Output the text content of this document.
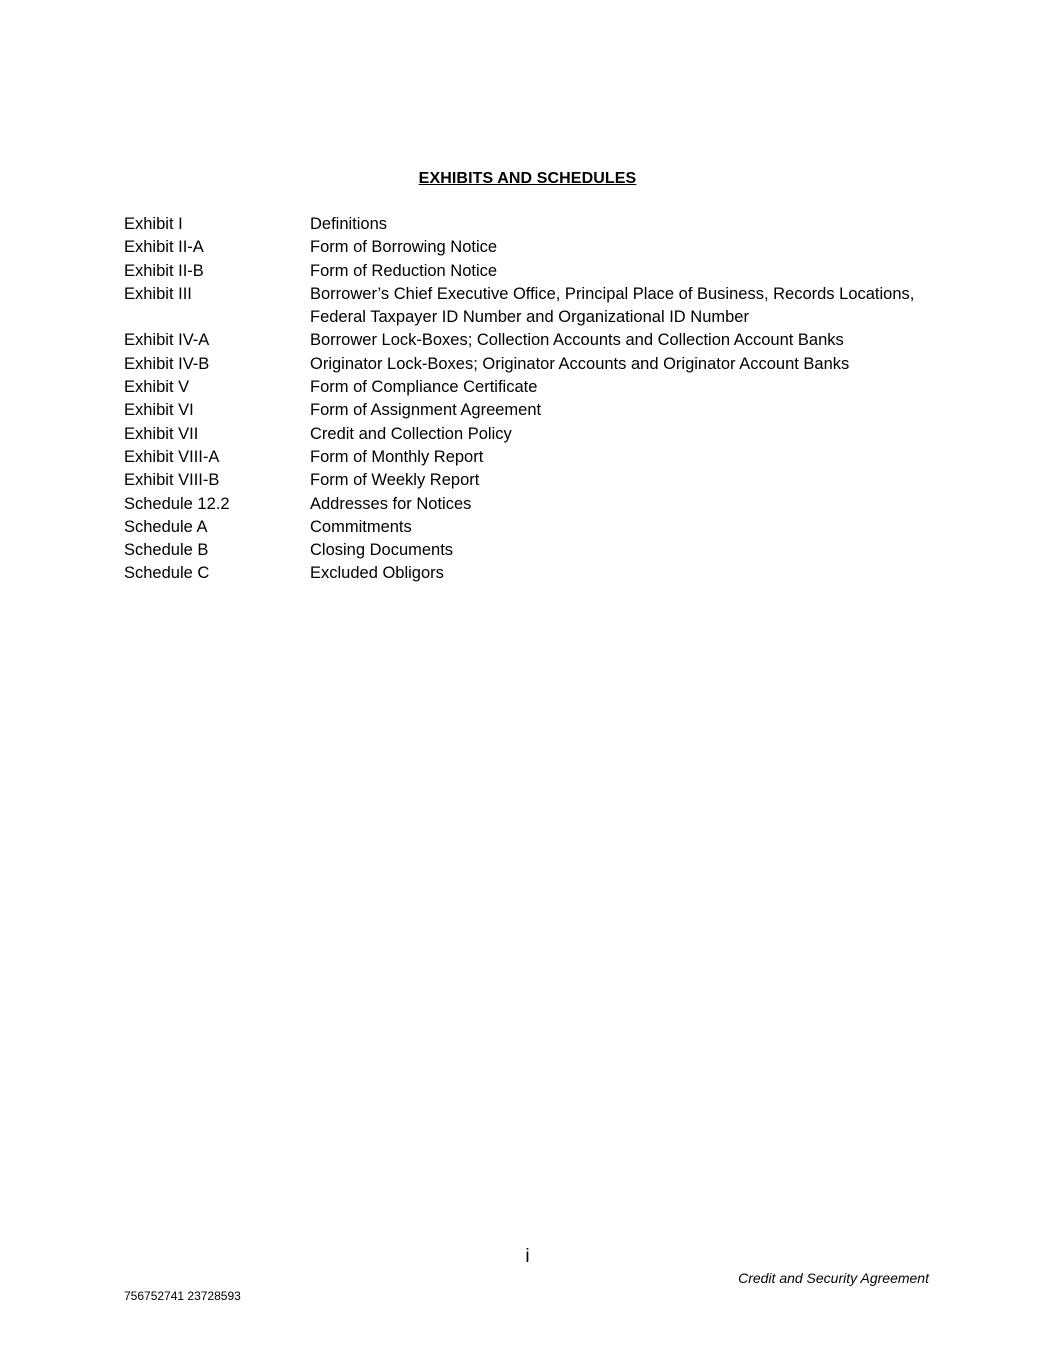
EXHIBITS AND SCHEDULES
Exhibit I	Definitions
Exhibit II-A	Form of Borrowing Notice
Exhibit II-B	Form of Reduction Notice
Exhibit III	Borrower’s Chief Executive Office, Principal Place of Business, Records Locations, Federal Taxpayer ID Number and Organizational ID Number
Exhibit IV-A	Borrower Lock-Boxes; Collection Accounts and Collection Account Banks
Exhibit IV-B	Originator Lock-Boxes; Originator Accounts and Originator Account Banks
Exhibit V	Form of Compliance Certificate
Exhibit VI	Form of Assignment Agreement
Exhibit VII	Credit and Collection Policy
Exhibit VIII-A	Form of Monthly Report
Exhibit VIII-B	Form of Weekly Report
Schedule 12.2	Addresses for Notices
Schedule A	Commitments
Schedule B	Closing Documents
Schedule C	Excluded Obligors
i
Credit and Security Agreement
756752741 23728593
